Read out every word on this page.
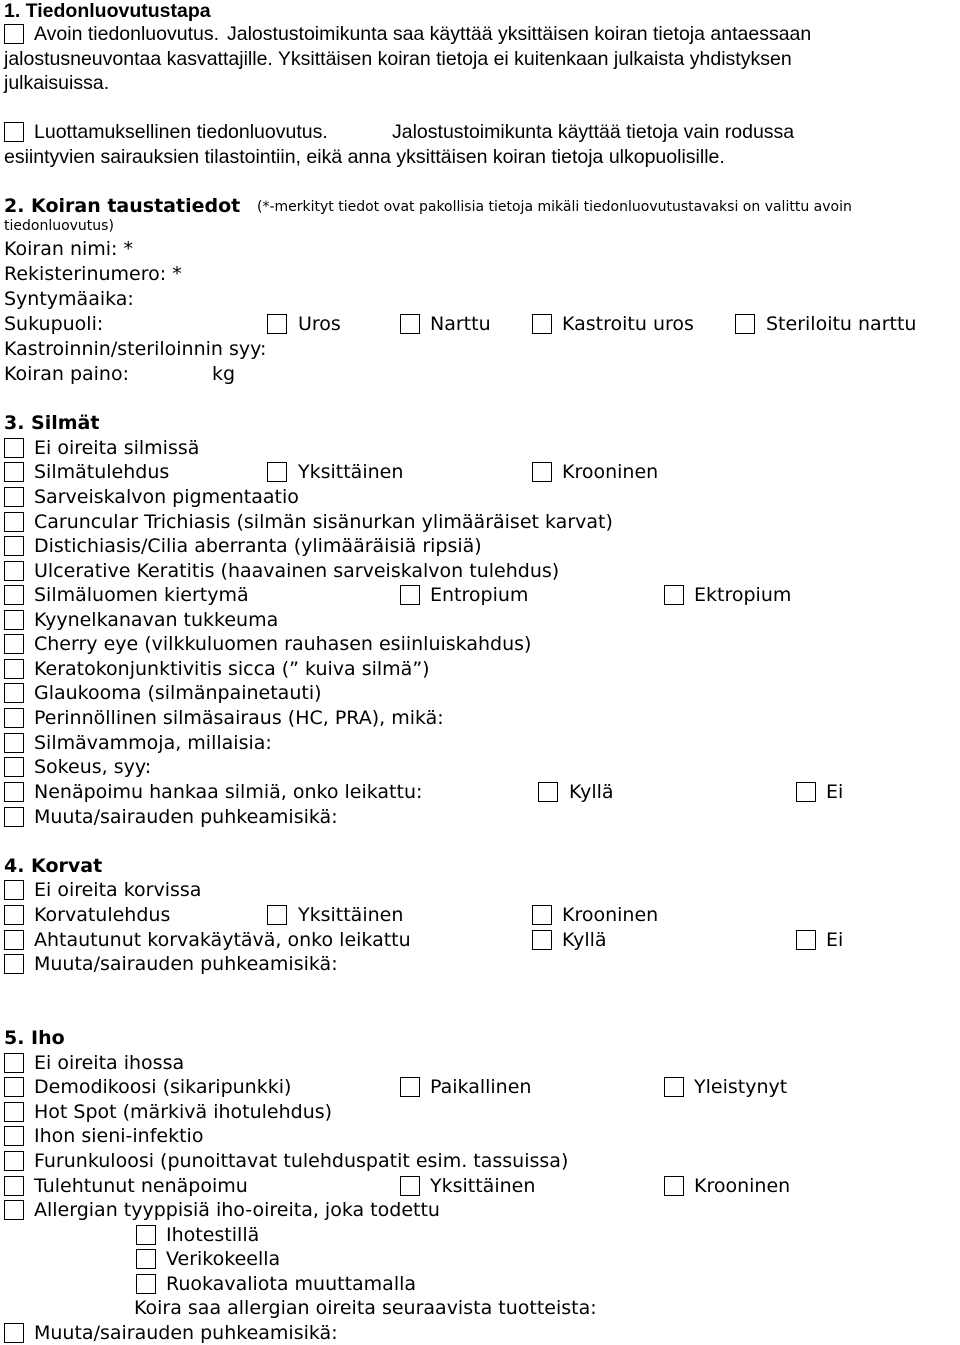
1. Tiedonluovutustapa
Avoin tiedonluovutus. Jalostustoimikunta saa käyttää yksittäisen koiran tietoja antaessaan
jalostusneuvontaa kasvattajille. Yksittäisen koiran tietoja ei kuitenkaan julkaista yhdistyksen
julkaisuissa.
Luottamuksellinen tiedonluovutus.	Jalostustoimikunta käyttää tietoja vain rodussa
esiintyvien sairauksien tilastointiin, eikä anna yksittäisen koiran tietoja ulkopuolisille.
2. Koiran taustatiedot (*-merkityt tiedot ovat pakollisia tietoja mikäli tiedonluovutustavaksi on valittu avoin
tiedonluovutus)
Koiran nimi: *
Rekisterinumero: *
Syntymäaika:
Sukupuoli:	Uros	Narttu	Kastroitu uros	Steriloitu narttu
Kastroinnin/steriloinnin syy:
Koiran paino:	kg
3. Silmät
Ei oireita silmissä
Silmätulehdus	Yksittäinen	Krooninen
Sarveiskalvon pigmentaatio
Caruncular Trichiasis (silmän sisänurkan ylimääräiset karvat)
Distichiasis/Cilia aberranta (ylimääräisiä ripsiä)
Ulcerative Keratitis (haavainen sarveiskalvon tulehdus)
Silmäluomen kiertymä	Entropium	Ektropium
Kyynelkanavan tukkeuma
Cherry eye (vilkkuluomen rauhasen esiinluiskahdus)
Keratokonjunktivitis sicca (” kuiva silmä”)
Glaukooma (silmänpainetauti)
Perinnöllinen silmäsairaus (HC, PRA), mikä:
Silmävammoja, millaisia:
Sokeus, syy:
Nenäpoimu hankaa silmiä, onko leikattu:	Kyllä	Ei
Muuta/sairauden puhkeamisikä:
4. Korvat
Ei oireita korvissa
Korvatulehdus	Yksittäinen	Krooninen
Ahtautunut korvakäytävä, onko leikattu	Kyllä	Ei
Muuta/sairauden puhkeamisikä:
5. Iho
Ei oireita ihossa
Demodikoosi (sikaripunkki)	Paikallinen	Yleistynyt
Hot Spot (märkivä ihotulehdus)
Ihon sieni-infektio
Furunkuloosi (punoittavat tulehduspatit esim. tassuissa)
Tulehtunut nenäpoimu	Yksittäinen	Krooninen
Allergian tyyppisiä iho-oireita, joka todettu
Ihotestillä
Verikokeella
Ruokavaliota muuttamalla
Koira saa allergian oireita seuraavista tuotteista:
Muuta/sairauden puhkeamisikä:
